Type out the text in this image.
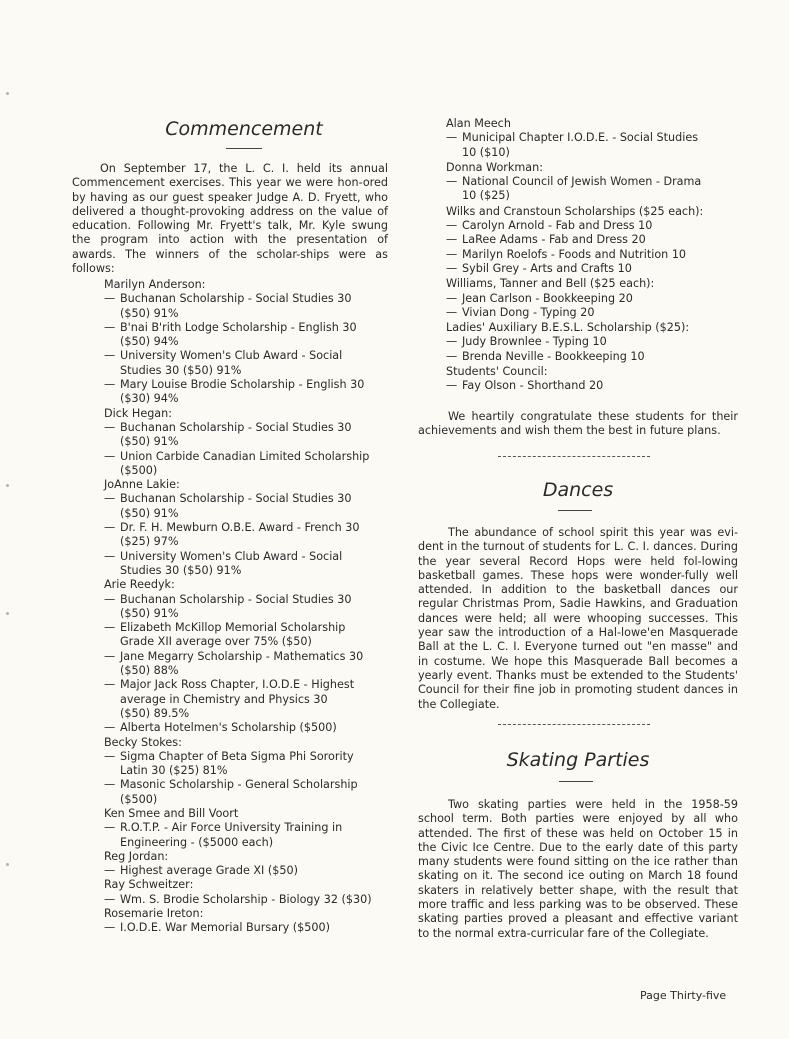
Commencement
On September 17, the L. C. I. held its annual Commencement exercises. This year we were hon-ored by having as our guest speaker Judge A. D. Fryett, who delivered a thought-provoking address on the value of education. Following Mr. Fryett's talk, Mr. Kyle swung the program into action with the presentation of awards. The winners of the scholar-ships were as follows:
Marilyn Anderson:
— Buchanan Scholarship - Social Studies 30
($50) 91%
— B'nai B'rith Lodge Scholarship - English 30
($50) 94%
— University Women's Club Award - Social
Studies 30 ($50) 91%
— Mary Louise Brodie Scholarship - English 30
($30) 94%
Dick Hegan:
— Buchanan Scholarship - Social Studies 30
($50) 91%
— Union Carbide Canadian Limited Scholarship
($500)
JoAnne Lakie:
— Buchanan Scholarship - Social Studies 30
($50) 91%
— Dr. F. H. Mewburn O.B.E. Award - French 30
($25) 97%
— University Women's Club Award - Social
Studies 30 ($50) 91%
Arie Reedyk:
— Buchanan Scholarship - Social Studies 30
($50) 91%
— Elizabeth McKillop Memorial Scholarship
Grade XII average over 75% ($50)
— Jane Megarry Scholarship - Mathematics 30
($50) 88%
— Major Jack Ross Chapter, I.O.D.E - Highest
average in Chemistry and Physics 30
($50) 89.5%
— Alberta Hotelmen's Scholarship ($500)
Becky Stokes:
— Sigma Chapter of Beta Sigma Phi Sorority
Latin 30 ($25) 81%
— Masonic Scholarship - General Scholarship
($500)
Ken Smee and Bill Voort
— R.O.T.P. - Air Force University Training in
Engineering - ($5000 each)
Reg Jordan:
— Highest average Grade XI ($50)
Ray Schweitzer:
— Wm. S. Brodie Scholarship - Biology 32 ($30)
Rosemarie Ireton:
— I.O.D.E. War Memorial Bursary ($500)
Alan Meech
— Municipal Chapter I.O.D.E. - Social Studies
10 ($10)
Donna Workman:
— National Council of Jewish Women - Drama
10 ($25)
Wilks and Cranstoun Scholarships ($25 each):
— Carolyn Arnold - Fab and Dress 10
— LaRee Adams - Fab and Dress 20
— Marilyn Roelofs - Foods and Nutrition 10
— Sybil Grey - Arts and Crafts 10
Williams, Tanner and Bell ($25 each):
— Jean Carlson - Bookkeeping 20
— Vivian Dong - Typing 20
Ladies' Auxiliary B.E.S.L. Scholarship ($25):
— Judy Brownlee - Typing 10
— Brenda Neville - Bookkeeping 10
Students' Council:
— Fay Olson - Shorthand 20
We heartily congratulate these students for their achievements and wish them the best in future plans.
Dances
The abundance of school spirit this year was evi-dent in the turnout of students for L. C. I. dances. During the year several Record Hops were held fol-lowing basketball games. These hops were wonder-fully well attended. In addition to the basketball dances our regular Christmas Prom, Sadie Hawkins, and Graduation dances were held; all were whooping successes. This year saw the introduction of a Hal-lowe'en Masquerade Ball at the L. C. I. Everyone turned out "en masse" and in costume. We hope this Masquerade Ball becomes a yearly event. Thanks must be extended to the Students' Council for their fine job in promoting student dances in the Collegiate.
Skating Parties
Two skating parties were held in the 1958-59 school term. Both parties were enjoyed by all who attended. The first of these was held on October 15 in the Civic Ice Centre. Due to the early date of this party many students were found sitting on the ice rather than skating on it. The second ice outing on March 18 found skaters in relatively better shape, with the result that more traffic and less parking was to be observed. These skating parties proved a pleasant and effective variant to the normal extra-curricular fare of the Collegiate.
Page Thirty-five
